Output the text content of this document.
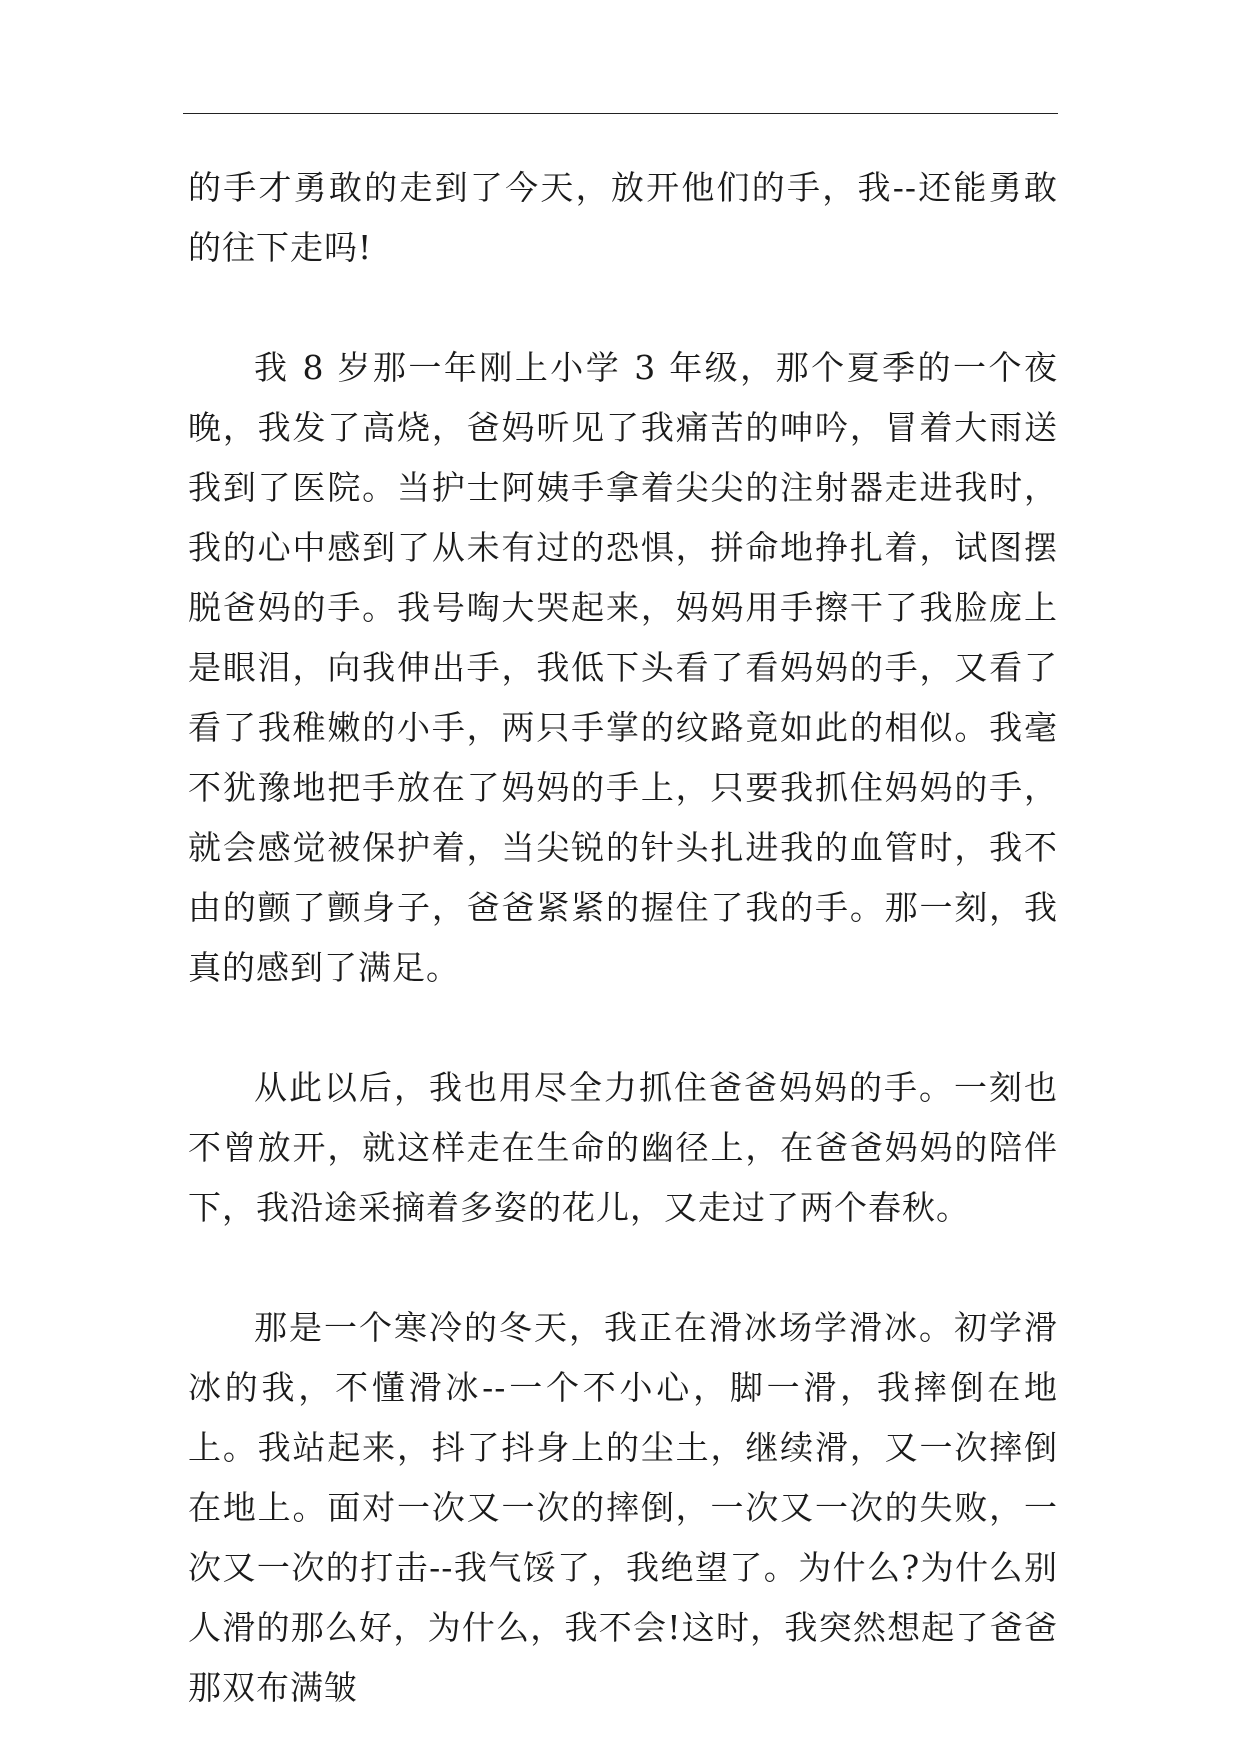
的手才勇敢的走到了今天，放开他们的手，我--还能勇敢的往下走吗!

我 8 岁那一年刚上小学 3 年级，那个夏季的一个夜晚，我发了高烧，爸妈听见了我痛苦的呻吟，冒着大雨送我到了医院。当护士阿姨手拿着尖尖的注射器走进我时，我的心中感到了从未有过的恐惧，拼命地挣扎着，试图摆脱爸妈的手。我号啕大哭起来，妈妈用手擦干了我脸庞上是眼泪，向我伸出手，我低下头看了看妈妈的手，又看了看了我稚嫩的小手，两只手掌的纹路竟如此的相似。我毫不犹豫地把手放在了妈妈的手上，只要我抓住妈妈的手，就会感觉被保护着，当尖锐的针头扎进我的血管时，我不由的颤了颤身子，爸爸紧紧的握住了我的手。那一刻，我真的感到了满足。

从此以后，我也用尽全力抓住爸爸妈妈的手。一刻也不曾放开，就这样走在生命的幽径上，在爸爸妈妈的陪伴下，我沿途采摘着多姿的花儿，又走过了两个春秋。

那是一个寒冷的冬天，我正在滑冰场学滑冰。初学滑冰的我，不懂滑冰--一个不小心，脚一滑，我摔倒在地上。我站起来，抖了抖身上的尘土，继续滑，又一次摔倒在地上。面对一次又一次的摔倒，一次又一次的失败，一次又一次的打击--我气馁了，我绝望了。为什么?为什么别人滑的那么好，为什么，我不会!这时，我突然想起了爸爸那双布满皱
